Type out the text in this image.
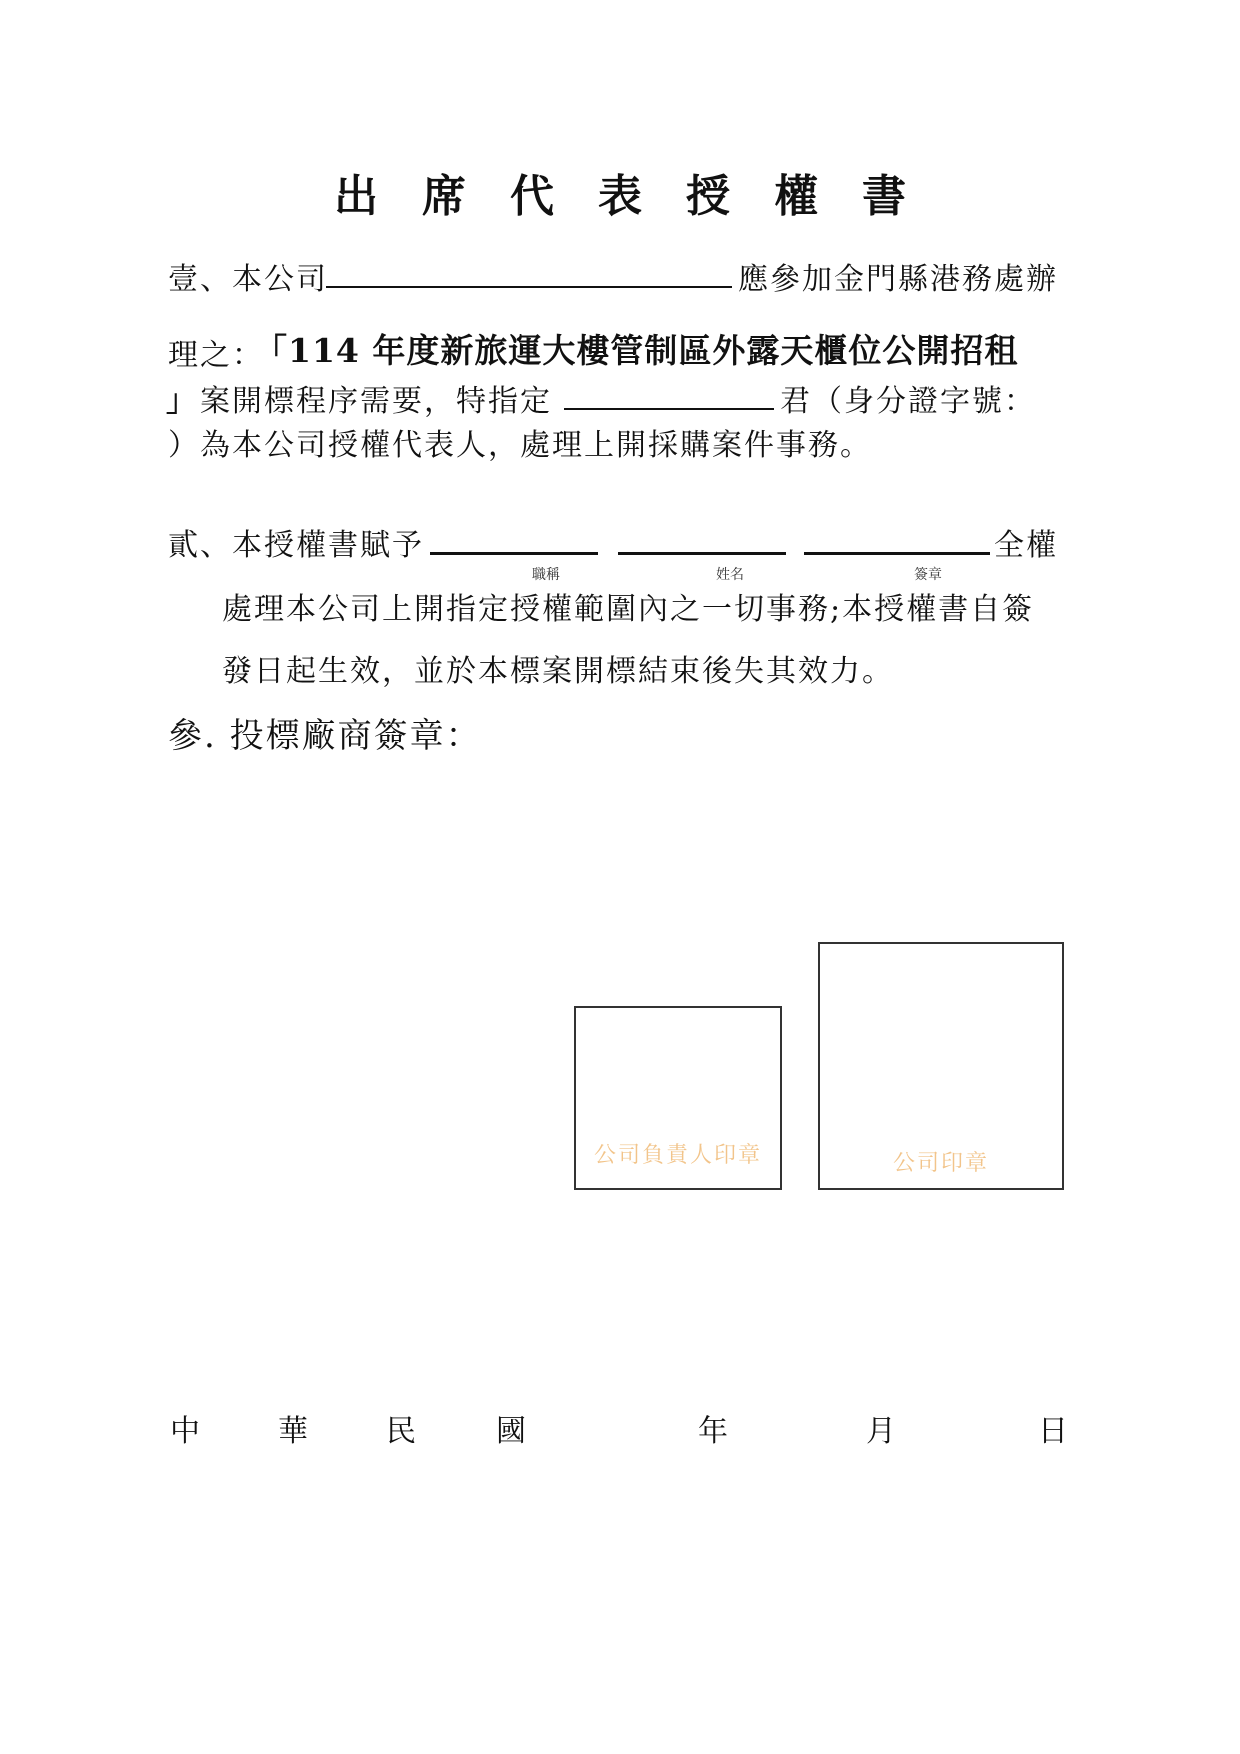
出席代表授權書
壹、本公司	應參加金門縣港務處辦
理之：
「114 年度新旅運大樓管制區外露天櫃位公開招租
」 案開標程序需要，特指定	君（身分證字號：
）為本公司授權代表人，處理上開採購案件事務。
貳、本授權書賦予	全權
職稱	姓名	簽章
處理本公司上開指定授權範圍內之一切事務;本授權書自簽
發日起生效，並於本標案開標結束後失其效力。
參. 投標廠商簽章：
公司負責人印章	公司印章
中	華	民	國	年	月	日
